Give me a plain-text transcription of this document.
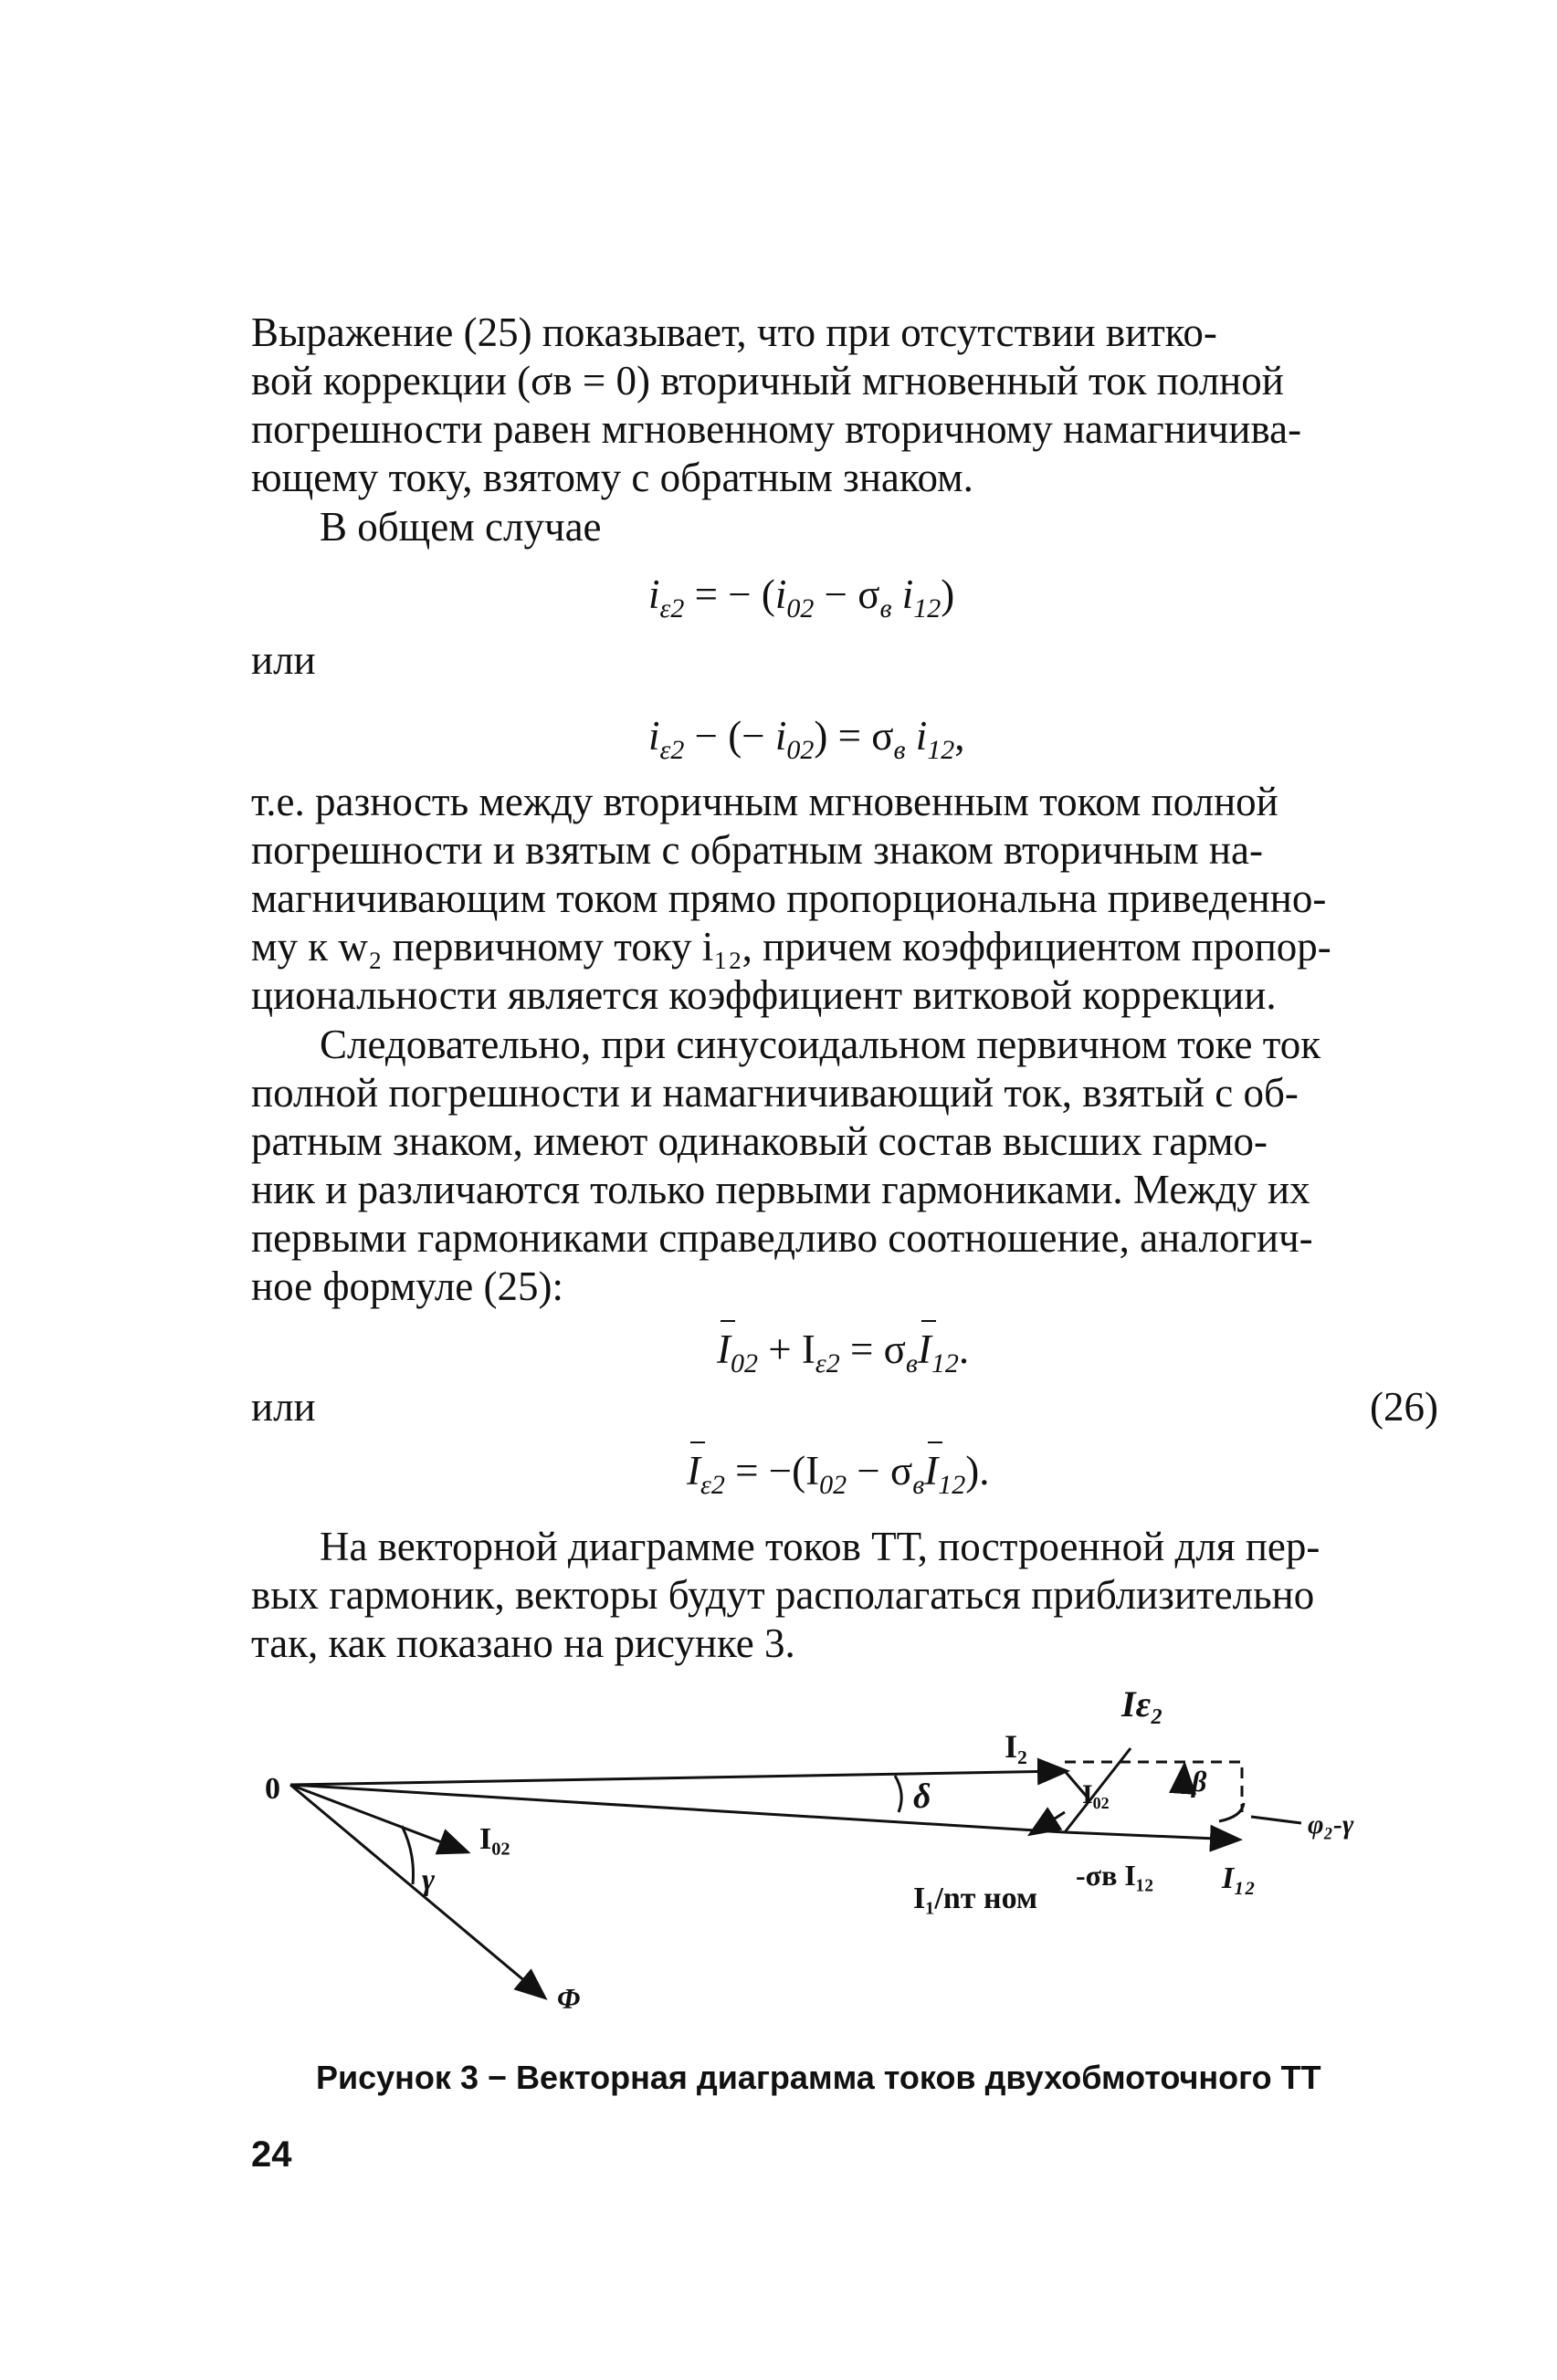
Выражение (25) показывает, что при отсутствии витко-
вой коррекции (σв = 0) вторичный мгновенный ток полной
погрешности равен мгновенному вторичному намагничива-
ющему току, взятому с обратным знаком.

В общем случае

$i_{\varepsilon 2}$ = − ($i_{02} - \sigma_в$ $i_{12}$)
или
$i_{\varepsilon 2}$ − (− $i_{02}) = \sigma_в$ $i_{12}$,

т.е. разность между вторичным мгновенным током полной
погрешности и взятым с обратным знаком вторичным на-
магничивающим током прямо пропорциональна приведенно-
му к w₂ первичному току i₁₂, причем коэффициентом пропор-
циональности является коэффициент витковой коррекции.

Следовательно, при синусоидальном первичном токе ток
полной погрешности и намагничивающий ток, взятый с об-
ратным знаком, имеют одинаковый состав высших гармо-
ник и различаются только первыми гармониками. Между их
первыми гармониками справедливо соотношение, аналогич-
ное формуле (25):

$I_{02} + I_{\varepsilon 2} = \sigma_вI_{12}$.
или	(26)
$I_{\varepsilon 2} = -(I_{02} - \sigma_вI_{12})$.

На векторной диаграмме токов ТТ, построенной для пер-
вых гармоник, векторы будут располагаться приблизительно
так, как показано на рисунке 3.

0
I₀₂
γ
Φ
δ
I₂
Iε₂
I₀₂	β
φ₂-γ
I₁/nт ном
-σв I₁₂ I₁₂
Рисунок 3 − Векторная диаграмма токов двухобмоточного ТТ
24
